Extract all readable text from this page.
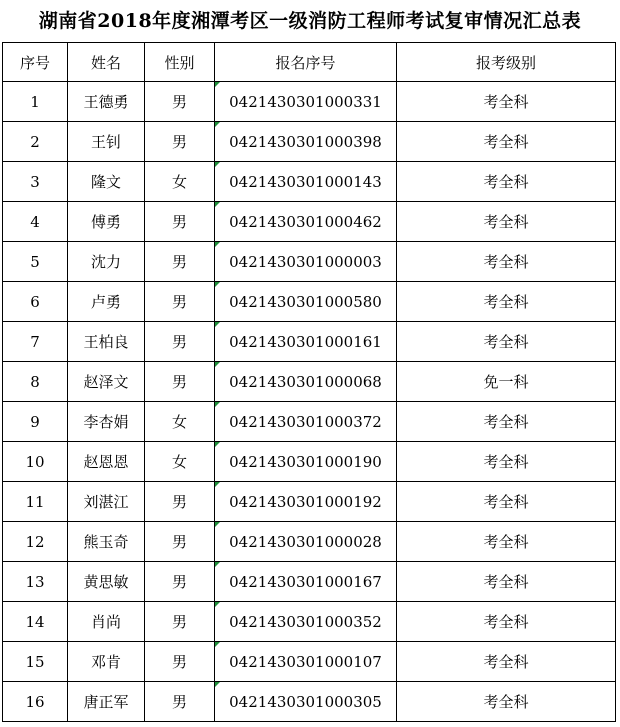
湖南省2018年度湘潭考区一级消防工程师考试复审情况汇总表
序号	姓名	性别	报名序号	报考级别
1	王德勇	男	0421430301000331	考全科
2	王钊	男	0421430301000398	考全科
3	隆文	女	0421430301000143	考全科
4	傅勇	男	0421430301000462	考全科
5	沈力	男	0421430301000003	考全科
6	卢勇	男	0421430301000580	考全科
7	王柏良	男	0421430301000161	考全科
8	赵泽文	男	0421430301000068	免一科
9	李杏娟	女	0421430301000372	考全科
10	赵恩恩	女	0421430301000190	考全科
11	刘湛江	男	0421430301000192	考全科
12	熊玉奇	男	0421430301000028	考全科
13	黄思敏	男	0421430301000167	考全科
14	肖尚	男	0421430301000352	考全科
15	邓肯	男	0421430301000107	考全科
16	唐正军	男	0421430301000305	考全科
